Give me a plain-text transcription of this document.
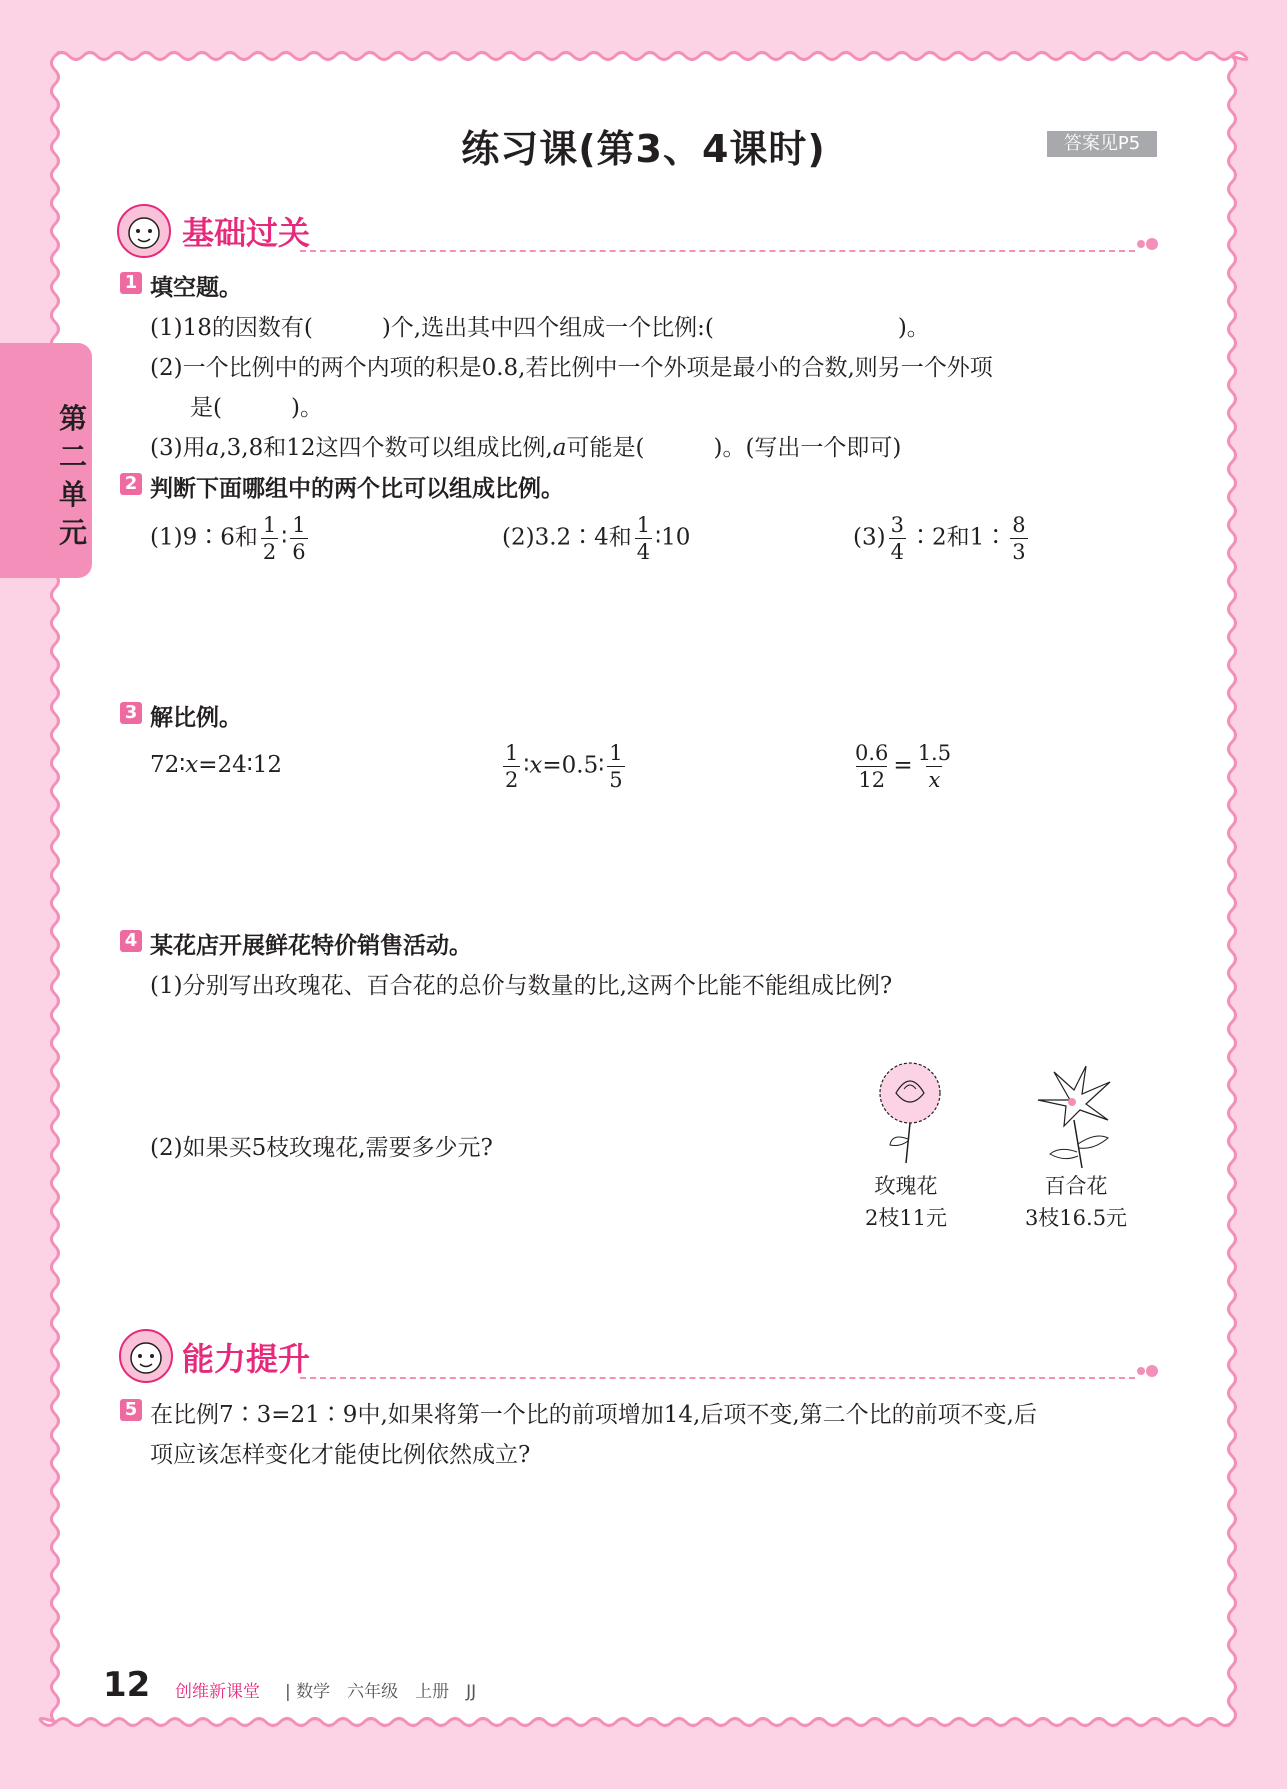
练习课(第3、4课时)	答案见P5
第
二
单
元
基础过关
1 填空题。
(1)18的因数有(　　　)个,选出其中四个组成一个比例:(　　　　　　　　)。
(2)一个比例中的两个内项的积是0.8,若比例中一个外项是最小的合数,则另一个外项
是(　　　)。
(3)用a,3,8和12这四个数可以组成比例,a可能是(　　　)。(写出一个即可)
2 判断下面哪组中的两个比可以组成比例。
(1)9∶6和 $\frac{1}{2}$ ∶ $\frac{1}{6}$	(2)3.2∶4和 $\frac{1}{4}$ ∶10	$(3) \frac{3}{4}$ ∶2和1∶ $\frac{8}{3}$
3 解比例。
72∶x=24∶12	$\frac{1}{2}$ ∶x=0.5∶ $\frac{1}{5}$	$\frac{0.6}{12} = \frac{1.5}{x}$
4 某花店开展鲜花特价销售活动。
(1)分别写出玫瑰花、百合花的总价与数量的比,这两个比能不能组成比例?
(2)如果买5枝玫瑰花,需要多少元?
玫瑰花
2枝11元
百合花
3枝16.5元
能力提升
5 在比例7∶3=21∶9中,如果将第一个比的前项增加14,后项不变,第二个比的前项不变,后
项应该怎样变化才能使比例依然成立?
12 创维新课堂 | 数学　六年级　上册　JJ
